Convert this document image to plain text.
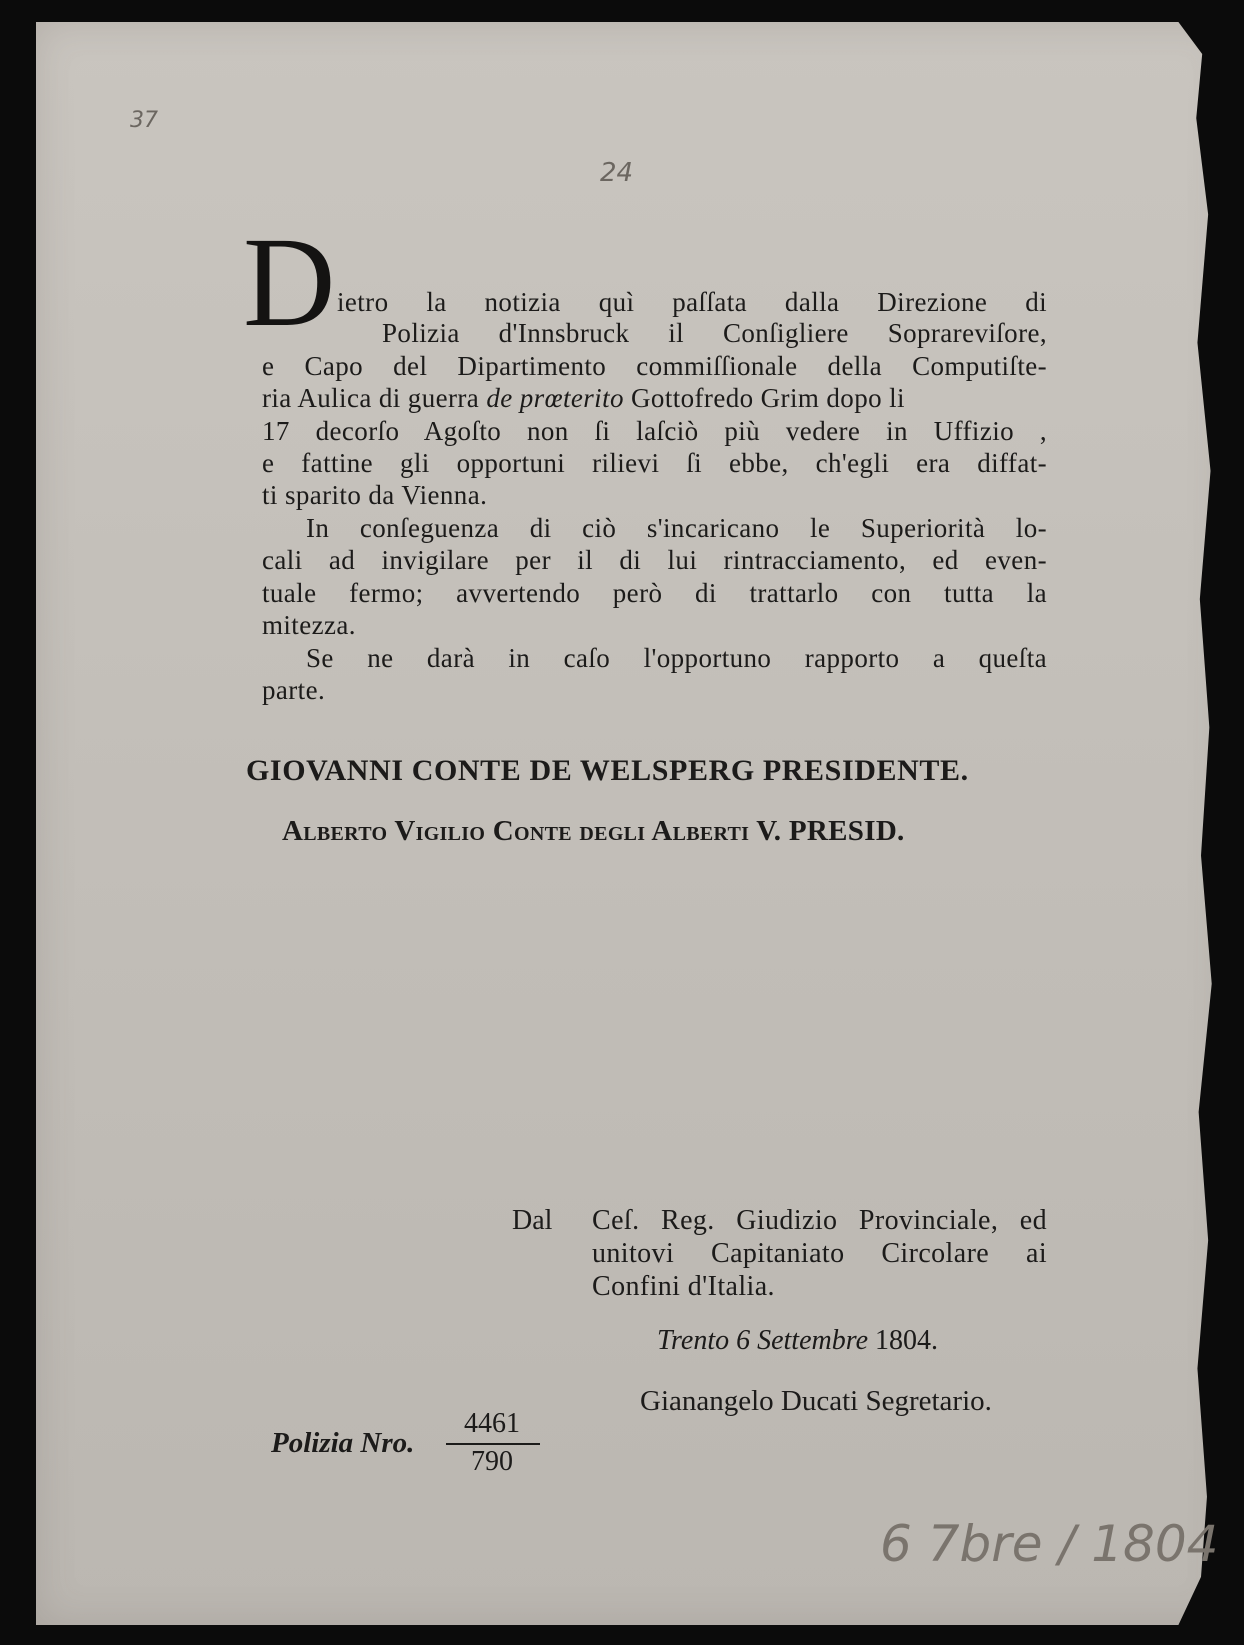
37
24
D ietro la notizia quì paſſata dalla Direzione di
Polizia d'Innsbruck il Conſigliere Soprareviſore,
e Capo del Dipartimento commiſſionale della Computiſte-
ria Aulica di guerra de prœterito Gottofredo Grim dopo li
17 decorſo Agoſto non ſi laſciò più vedere in Uffizio ,
e fattine gli opportuni rilievi ſi ebbe, ch'egli era diffat-
ti sparito da Vienna.
In conſeguenza di ciò s'incaricano le Superiorità lo-
cali ad invigilare per il di lui rintracciamento, ed even-
tuale fermo; avvertendo però di trattarlo con tutta la
mitezza.
Se ne darà in caſo l'opportuno rapporto a queſta
parte.
GIOVANNI CONTE DE WELSPERG PRESIDENTE.
Alberto Vigilio Conte degli Alberti V. PRESID.
Dal Ceſ. Reg. Giudizio Provinciale, ed
unitovi Capitaniato Circolare ai
Confini d'Italia.
Trento 6 Settembre 1804.
Gianangelo Ducati Segretario.
Polizia Nro.
4461
790
6 7bre / 1804
